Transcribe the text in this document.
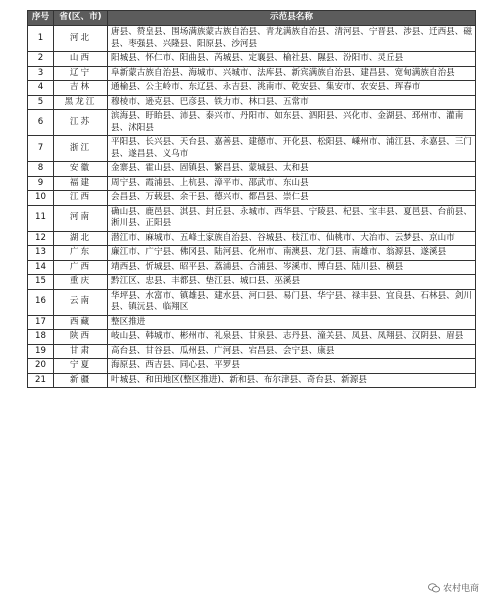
序号	省(区、市)	示范县名称
1	河北	唐县、赞皇县、围场满族蒙古族自治县、青龙满族自治县、清河县、宁晋县、涉县、迁西县、磁县、枣强县、兴隆县、阳原县、沙河县
2	山西	阳城县、怀仁市、阳曲县、芮城县、定襄县、榆社县、隰县、汾阳市、灵丘县
3	辽宁	阜新蒙古族自治县、海城市、兴城市、法库县、新宾满族自治县、建昌县、宽甸满族自治县
4	吉林	通榆县、公主岭市、东辽县、永吉县、洮南市、乾安县、集安市、农安县、珲春市
5	黑龙江	穆棱市、逊克县、巴彦县、铁力市、林口县、五常市
6	江苏	滨海县、盱眙县、沛县、泰兴市、丹阳市、如东县、泗阳县、兴化市、金湖县、邳州市、灌南县、沭阳县
7	浙江	平阳县、长兴县、天台县、嘉善县、建德市、开化县、松阳县、嵊州市、浦江县、永嘉县、三门县、遂昌县、义乌市
8	安徽	金寨县、霍山县、固镇县、繁昌县、蒙城县、太和县
9	福建	周宁县、霞浦县、上杭县、漳平市、邵武市、东山县
10	江西	会昌县、万载县、余干县、德兴市、都昌县、崇仁县
11	河南	确山县、鹿邑县、淇县、封丘县、永城市、西华县、宁陵县、杞县、宝丰县、夏邑县、台前县、淅川县、正阳县
12	湖北	潜江市、麻城市、五峰土家族自治县、谷城县、枝江市、仙桃市、大冶市、云梦县、京山市
13	广东	廉江市、广宁县、佛冈县、陆河县、化州市、南澳县、龙门县、南雄市、翁源县、遂溪县
14	广西	靖西县、忻城县、昭平县、荔浦县、合浦县、岑溪市、博白县、陆川县、横县
15	重庆	黔江区、忠县、丰都县、垫江县、城口县、巫溪县
16	云南	华坪县、水富市、镇雄县、建水县、河口县、易门县、华宁县、禄丰县、宜良县、石林县、剑川县、镇沅县、临翔区
17	西藏	整区推进
18	陕西	岐山县、韩城市、彬州市、礼泉县、甘泉县、志丹县、潼关县、凤县、凤翔县、汉阴县、眉县
19	甘肃	高台县、甘谷县、瓜州县、广河县、宕昌县、会宁县、康县
20	宁夏	海原县、西吉县、同心县、平罗县
21	新疆	叶城县、和田地区(整区推进)、新和县、布尔津县、奇台县、新源县
农村电商
